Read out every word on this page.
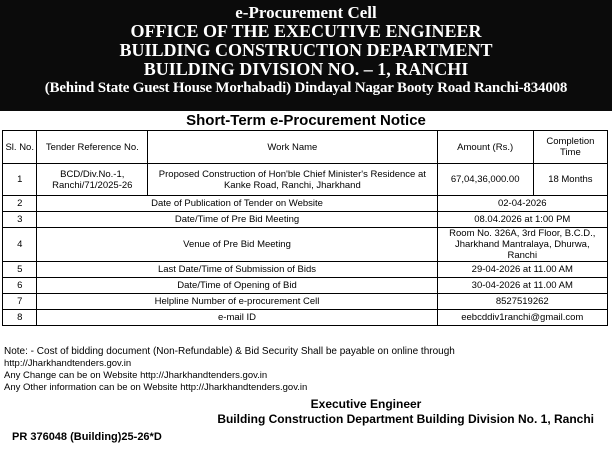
e-Procurement Cell
OFFICE OF THE EXECUTIVE ENGINEER
BUILDING CONSTRUCTION DEPARTMENT
BUILDING DIVISION NO. – 1, RANCHI
(Behind State Guest House Morhabadi) Dindayal Nagar Booty Road Ranchi-834008
Short-Term e-Procurement Notice
Sl. No.	Tender Reference No.	Work Name	Amount (Rs.)	Completion Time
1	BCD/Div.No.-1, Ranchi/71/2025-26	Proposed Construction of Hon'ble Chief Minister's Residence at Kanke Road, Ranchi, Jharkhand	67,04,36,000.00	18 Months
2	Date of Publication of Tender on Website		02-04-2026	
3	Date/Time of Pre Bid Meeting		08.04.2026 at 1:00 PM	
4	Venue of Pre Bid Meeting		Room No. 326A, 3rd Floor, B.C.D., Jharkhand Mantralaya, Dhurwa, Ranchi	
5	Last Date/Time of Submission of Bids		29-04-2026 at 11.00 AM	
6	Date/Time of Opening of Bid		30-04-2026 at 11.00 AM	
7	Helpline Number of e-procurement Cell		8527519262	
8	e-mail ID		eebcddiv1ranchi@gmail.com	
Note: - Cost of bidding document (Non-Refundable) & Bid Security Shall be payable on online through
http://Jharkhandtenders.gov.in
Any Change can be on Website http://Jharkhandtenders.gov.in
Any Other information can be on Website http://Jharkhandtenders.gov.in
Executive Engineer
Building Construction Department Building Division No. 1, Ranchi
PR 376048 (Building)25-26*D
